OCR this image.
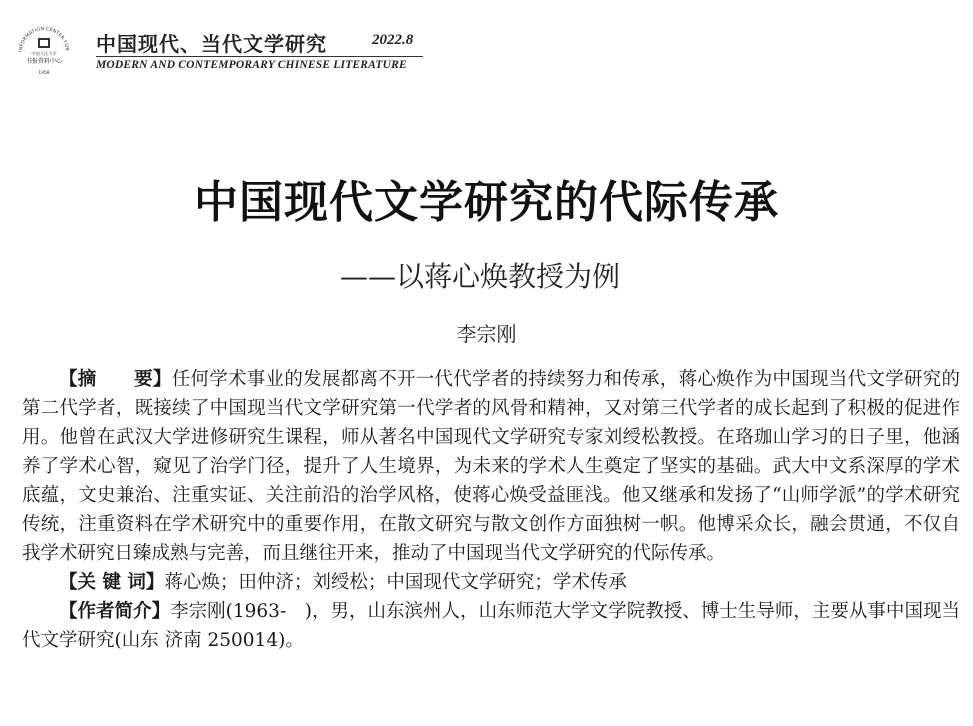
INFORMATION CENTER FOR
中国人民大学
书报资料中心
1958
中国现代、当代文学研究	2022.8
MODERN AND CONTEMPORARY CHINESE LITERATURE
中国现代文学研究的代际传承
——以蒋心焕教授为例
李宗刚

【摘　　 要】任何学术事业的发展都离不开一代代学者的持续努力和传承，蒋心焕作为中国现当代文学研究的第二代学者，既接续了中国现当代文学研究第一代学者的风骨和精神，又对第三代学者的成长起到了积极的促进作用。他曾在武汉大学进修研究生课程，师从著名中国现代文学研究专家刘绶松教授。在珞珈山学习的日子里，他涵养了学术心智，窥见了治学门径，提升了人生境界，为未来的学术人生奠定了坚实的基础。武大中文系深厚的学术底蕴，文史兼治、注重实证、关注前沿的治学风格，使蒋心焕受益匪浅。他又继承和发扬了“山师学派”的学术研究传统，注重资料在学术研究中的重要作用，在散文研究与散文创作方面独树一帜。他博采众长，融会贯通，不仅自我学术研究日臻成熟与完善，而且继往开来，推动了中国现当代文学研究的代际传承。

【关 键 词】蒋心焕；田仲济；刘绶松；中国现代文学研究；学术传承

【作者简介】李宗刚(1963-　)，男，山东滨州人，山东师范大学文学院教授、博士生导师，主要从事中国现当代文学研究(山东 济南 250014)。
